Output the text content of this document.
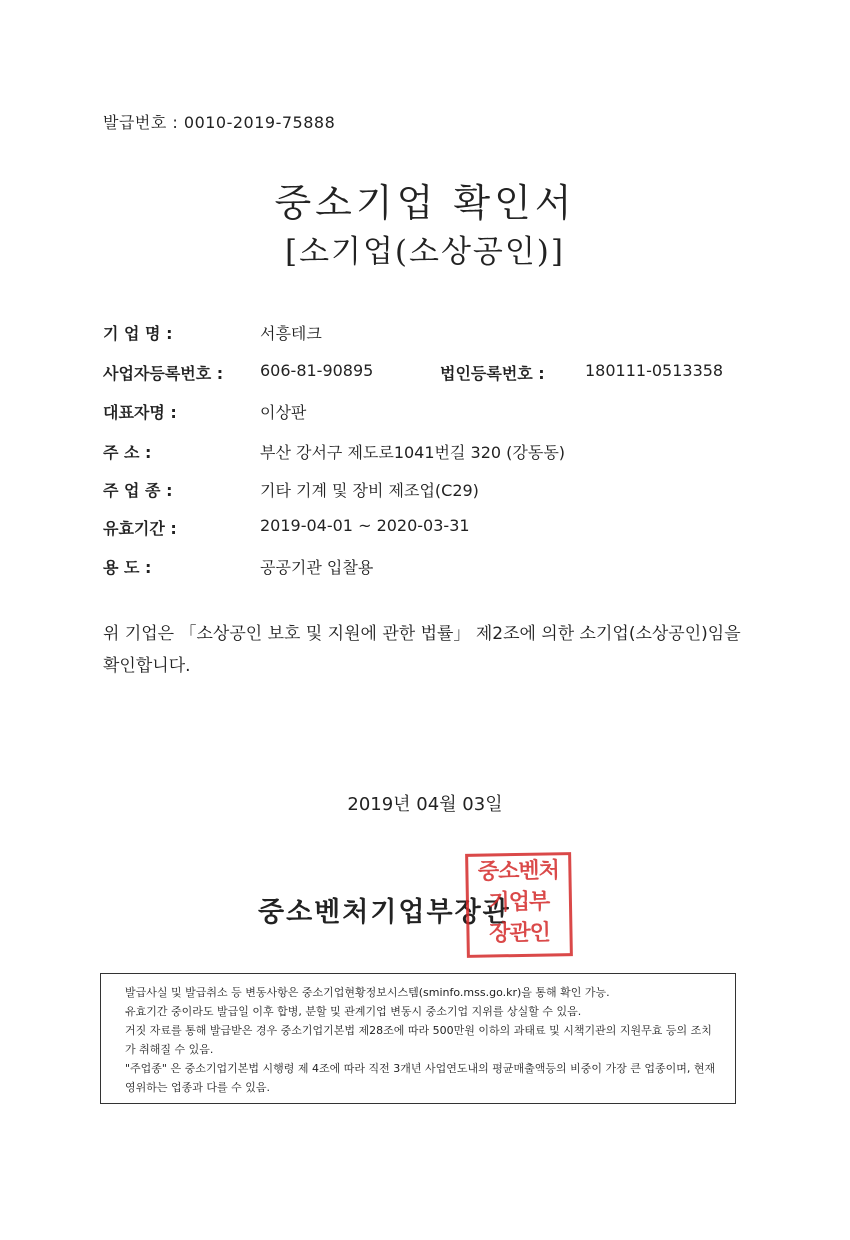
발급번호 : 0010-2019-75888
중소기업 확인서
[소기업(소상공인)]
기 업 명 :	서흥테크
사업자등록번호 : 606-81-90895	법인등록번호 :	180111-0513358
대표자명 :	이상판
주 소 :	부산 강서구 제도로1041번길 320 (강동동)
주 업 종 :	기타 기계 및 장비 제조업(C29)
유효기간 :	2019-04-01 ~ 2020-03-31
용 도 :	공공기관 입찰용
위 기업은 「소상공인 보호 및 지원에 관한 법률」 제2조에 의한 소기업(소상공인)임을 확인합니다.
2019년 04월 03일
중소벤처기업부장관
중소벤처
기업부
장관인

발급사실 및 발급취소 등 변동사항은 중소기업현황정보시스템(sminfo.mss.go.kr)을 통해 확인 가능.

유효기간 중이라도 발급일 이후 합병, 분할 및 관계기업 변동시 중소기업 지위를 상실할 수 있음.

거짓 자료를 통해 발급받은 경우 중소기업기본법 제28조에 따라 500만원 이하의 과태료 및 시책기관의 지원무효 등의 조치가 취해질 수 있음.

"주업종" 은 중소기업기본법 시행령 제 4조에 따라 직전 3개년 사업연도내의 평균매출액등의 비중이 가장 큰 업종이며, 현재 영위하는 업종과 다를 수 있음.
